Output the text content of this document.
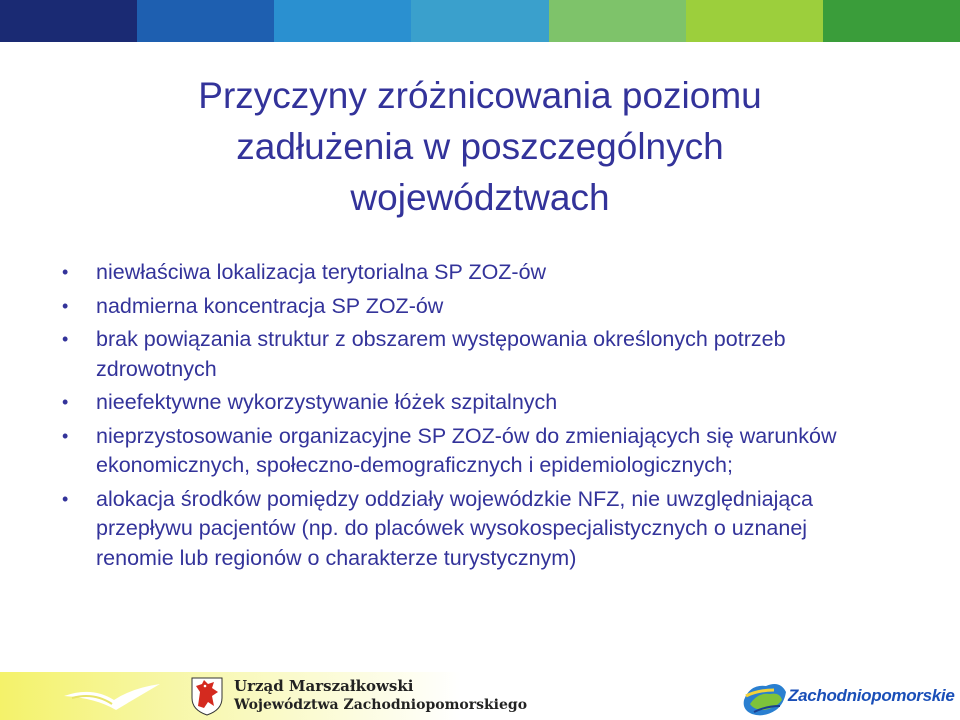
Przyczyny zróżnicowania poziomu
zadłużenia w poszczególnych
województwach
• niewłaściwa lokalizacja terytorialna SP ZOZ-ów
• nadmierna koncentracja SP ZOZ-ów
• brak powiązania struktur z obszarem występowania określonych potrzeb zdrowotnych
• nieefektywne wykorzystywanie łóżek szpitalnych
• nieprzystosowanie organizacyjne SP ZOZ-ów do zmieniających się warunków ekonomicznych, społeczno-demograficznych i epidemiologicznych;
• alokacja środków pomiędzy oddziały wojewódzkie NFZ, nie uwzględniająca przepływu pacjentów (np. do placówek wysokospecjalistycznych o uznanej renomie lub regionów o charakterze turystycznym)
Urząd Marszałkowski
Województwa Zachodniopomorskiego	Zachodniopomorskie
